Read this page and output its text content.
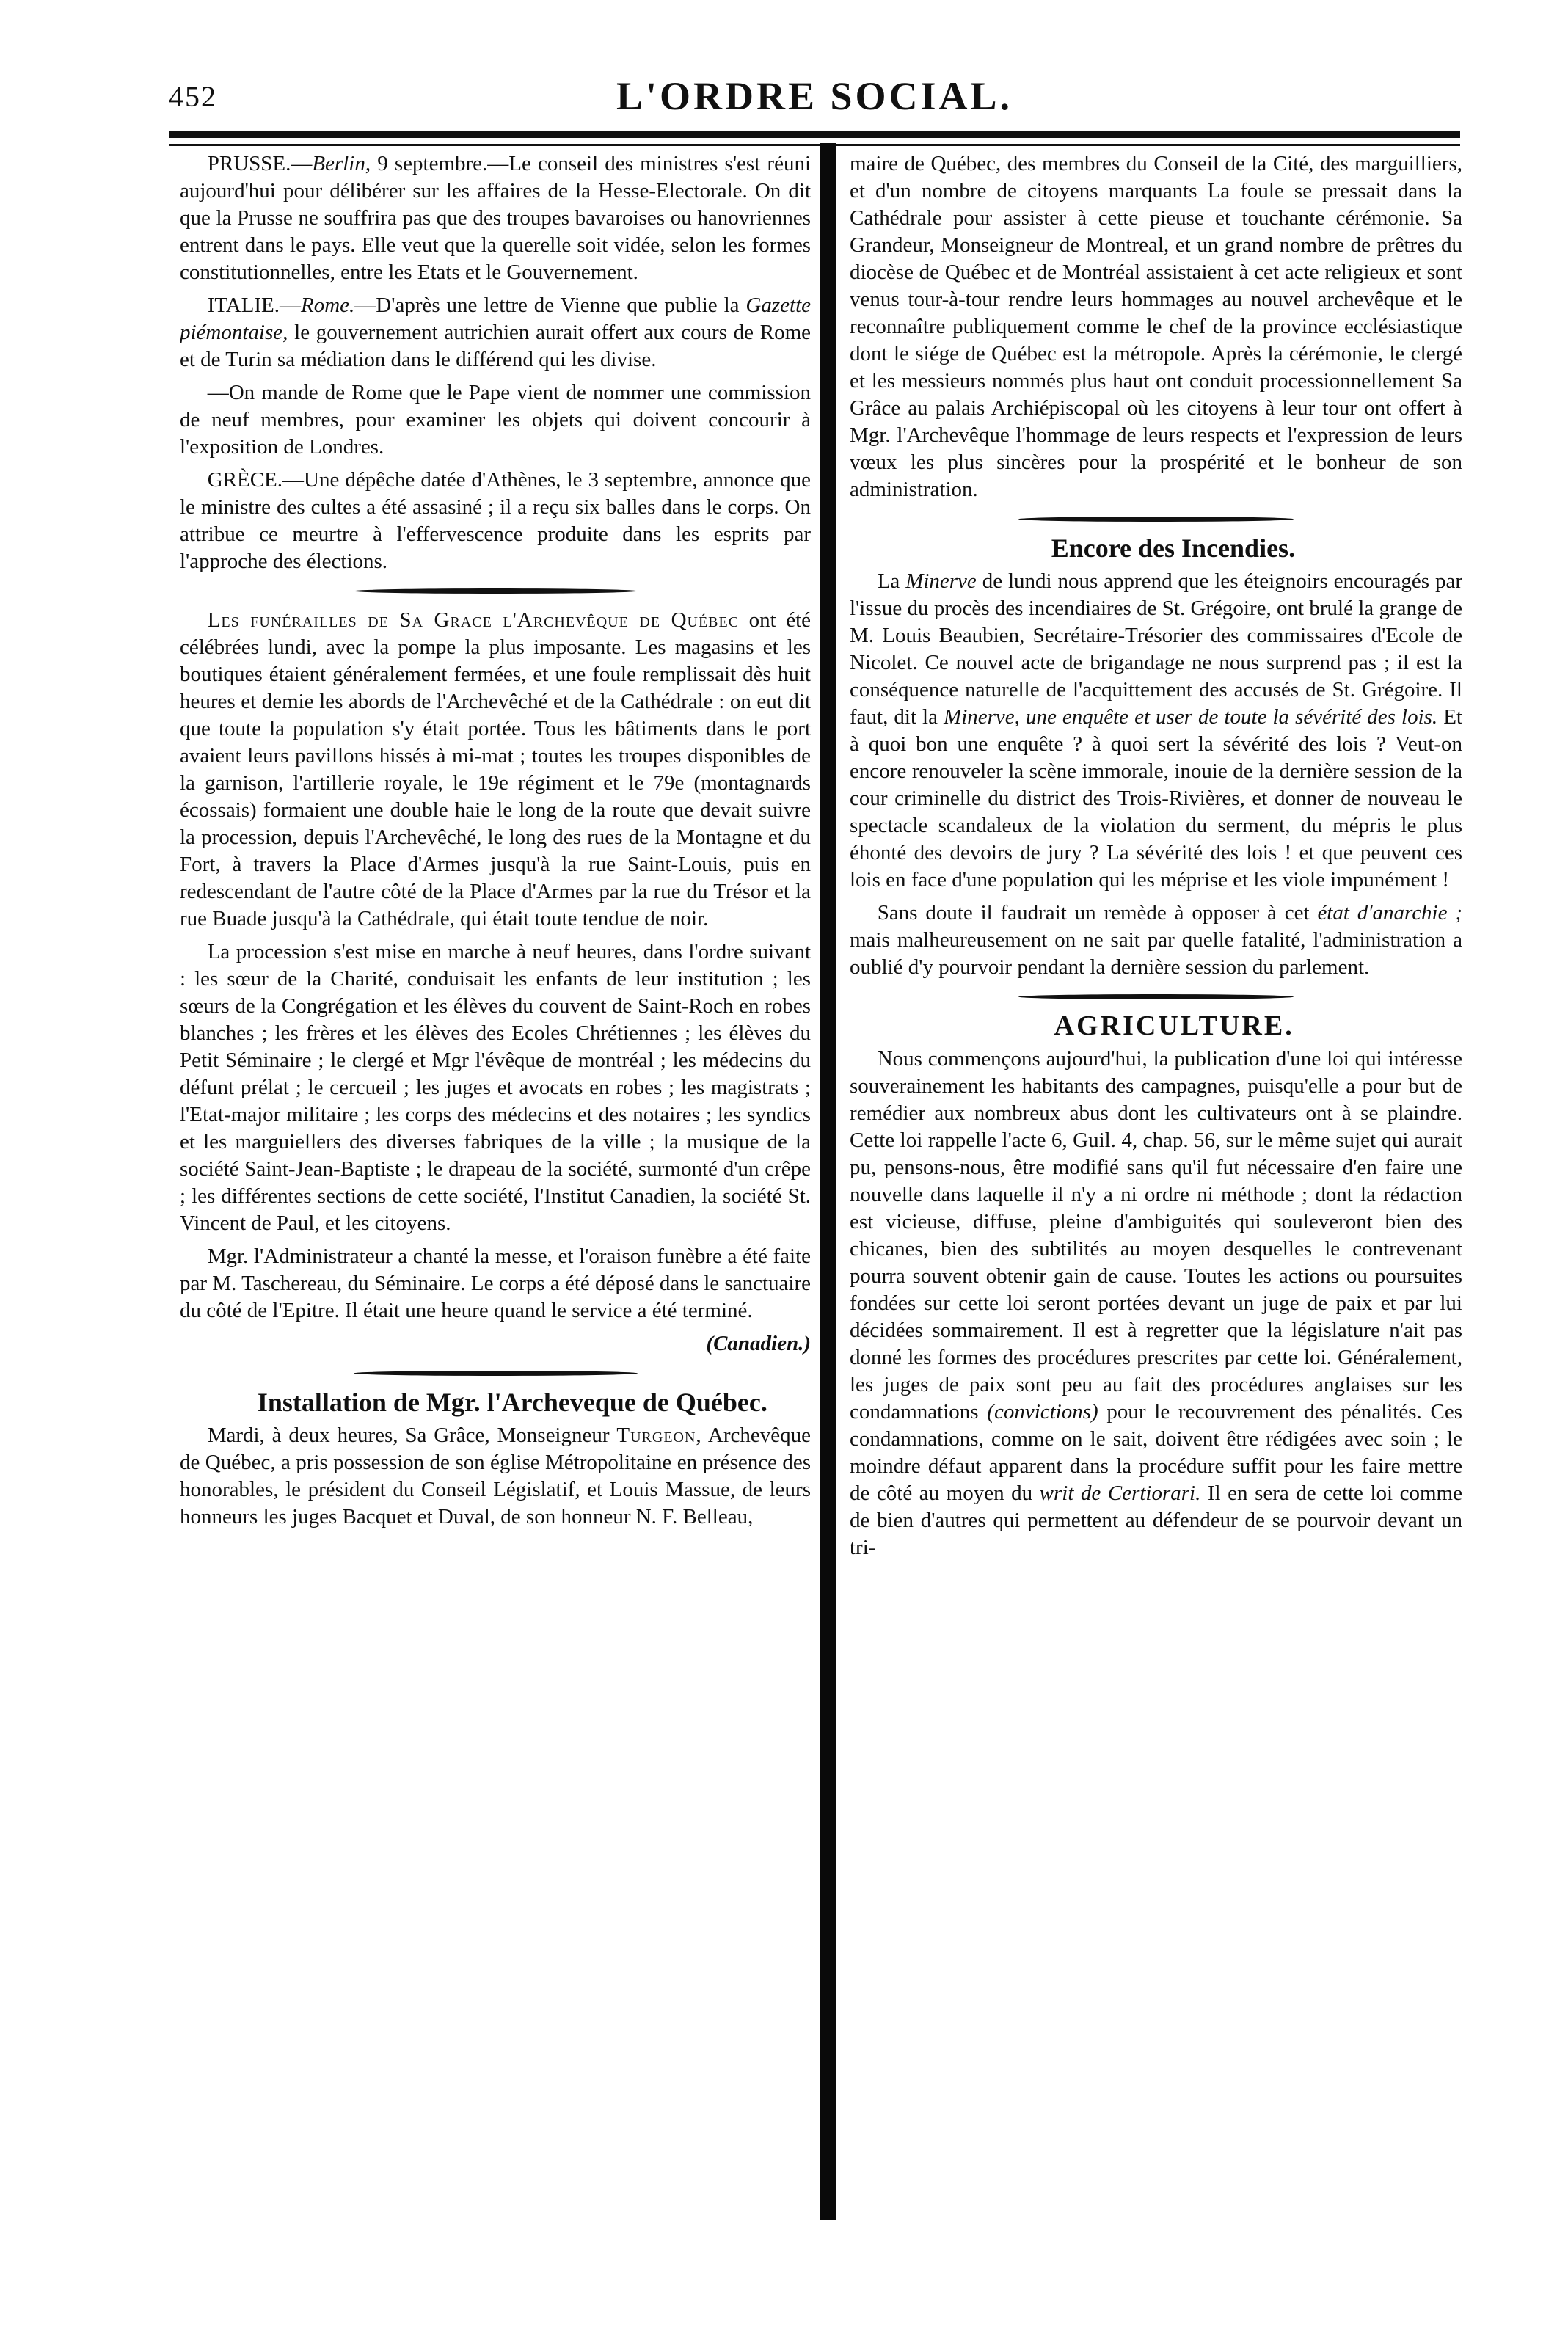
452	L'ORDRE SOCIAL.

PRUSSE.—Berlin, 9 septembre.—Le conseil des ministres s'est réuni aujourd'hui pour délibérer sur les affaires de la Hesse-Electorale. On dit que la Prusse ne souffrira pas que des troupes bavaroises ou hanovriennes entrent dans le pays. Elle veut que la querelle soit vidée, selon les formes constitutionnelles, entre les Etats et le Gouvernement.

ITALIE.—Rome.—D'après une lettre de Vienne que publie la Gazette piémontaise, le gouvernement autrichien aurait offert aux cours de Rome et de Turin sa médiation dans le différend qui les divise.

—On mande de Rome que le Pape vient de nommer une commission de neuf membres, pour examiner les objets qui doivent concourir à l'exposition de Londres.

GRÈCE.—Une dépêche datée d'Athènes, le 3 septembre, annonce que le ministre des cultes a été assasiné ; il a reçu six balles dans le corps. On attribue ce meurtre à l'effervescence produite dans les esprits par l'approche des élections.

Les funérailles de Sa Grace l'Archevêque de Québec ont été célébrées lundi, avec la pompe la plus imposante. Les magasins et les boutiques étaient généralement fermées, et une foule remplissait dès huit heures et demie les abords de l'Archevêché et de la Cathédrale : on eut dit que toute la population s'y était portée. Tous les bâtiments dans le port avaient leurs pavillons hissés à mi-mat ; toutes les troupes disponibles de la garnison, l'artillerie royale, le 19e régiment et le 79e (montagnards écossais) formaient une double haie le long de la route que devait suivre la procession, depuis l'Archevêché, le long des rues de la Montagne et du Fort, à travers la Place d'Armes jusqu'à la rue Saint-Louis, puis en redescendant de l'autre côté de la Place d'Armes par la rue du Trésor et la rue Buade jusqu'à la Cathédrale, qui était toute tendue de noir.

La procession s'est mise en marche à neuf heures, dans l'ordre suivant : les sœur de la Charité, conduisait les enfants de leur institution ; les sœurs de la Congrégation et les élèves du couvent de Saint-Roch en robes blanches ; les frères et les élèves des Ecoles Chrétiennes ; les élèves du Petit Séminaire ; le clergé et Mgr l'évêque de montréal ; les médecins du défunt prélat ; le cercueil ; les juges et avocats en robes ; les magistrats ; l'Etat-major militaire ; les corps des médecins et des notaires ; les syndics et les marguiellers des diverses fabriques de la ville ; la musique de la société Saint-Jean-Baptiste ; le drapeau de la société, surmonté d'un crêpe ; les différentes sections de cette société, l'Institut Canadien, la société St. Vincent de Paul, et les citoyens.

Mgr. l'Administrateur a chanté la messe, et l'oraison funèbre a été faite par M. Taschereau, du Séminaire. Le corps a été déposé dans le sanctuaire du côté de l'Epitre. Il était une heure quand le service a été terminé.

(Canadien.)

Installation de Mgr. l'Archeveque de Québec.

Mardi, à deux heures, Sa Grâce, Monseigneur Turgeon, Archevêque de Québec, a pris possession de son église Métropolitaine en présence des honorables, le président du Conseil Législatif, et Louis Massue, de leurs honneurs les juges Bacquet et Duval, de son honneur N. F. Belleau,

maire de Québec, des membres du Conseil de la Cité, des marguilliers, et d'un nombre de citoyens marquants La foule se pressait dans la Cathédrale pour assister à cette pieuse et touchante cérémonie. Sa Grandeur, Monseigneur de Montreal, et un grand nombre de prêtres du diocèse de Québec et de Montréal assistaient à cet acte religieux et sont venus tour-à-tour rendre leurs hommages au nouvel archevêque et le reconnaître publiquement comme le chef de la province ecclésiastique dont le siége de Québec est la métropole. Après la cérémonie, le clergé et les messieurs nommés plus haut ont conduit processionnellement Sa Grâce au palais Archiépiscopal où les citoyens à leur tour ont offert à Mgr. l'Archevêque l'hommage de leurs respects et l'expression de leurs vœux les plus sincères pour la prospérité et le bonheur de son administration.

Encore des Incendies.

La Minerve de lundi nous apprend que les éteignoirs encouragés par l'issue du procès des incendiaires de St. Grégoire, ont brulé la grange de M. Louis Beaubien, Secrétaire-Trésorier des commissaires d'Ecole de Nicolet. Ce nouvel acte de brigandage ne nous surprend pas ; il est la conséquence naturelle de l'acquittement des accusés de St. Grégoire. Il faut, dit la Minerve, une enquête et user de toute la sévérité des lois. Et à quoi bon une enquête ? à quoi sert la sévérité des lois ? Veut-on encore renouveler la scène immorale, inouie de la dernière session de la cour criminelle du district des Trois-Rivières, et donner de nouveau le spectacle scandaleux de la violation du serment, du mépris le plus éhonté des devoirs de jury ? La sévérité des lois ! et que peuvent ces lois en face d'une population qui les méprise et les viole impunément !

Sans doute il faudrait un remède à opposer à cet état d'anarchie ; mais malheureusement on ne sait par quelle fatalité, l'administration a oublié d'y pourvoir pendant la dernière session du parlement.

AGRICULTURE.

Nous commençons aujourd'hui, la publication d'une loi qui intéresse souverainement les habitants des campagnes, puisqu'elle a pour but de remédier aux nombreux abus dont les cultivateurs ont à se plaindre. Cette loi rappelle l'acte 6, Guil. 4, chap. 56, sur le même sujet qui aurait pu, pensons-nous, être modifié sans qu'il fut nécessaire d'en faire une nouvelle dans laquelle il n'y a ni ordre ni méthode ; dont la rédaction est vicieuse, diffuse, pleine d'ambiguités qui souleveront bien des chicanes, bien des subtilités au moyen desquelles le contrevenant pourra souvent obtenir gain de cause. Toutes les actions ou poursuites fondées sur cette loi seront portées devant un juge de paix et par lui décidées sommairement. Il est à regretter que la législature n'ait pas donné les formes des procédures prescrites par cette loi. Généralement, les juges de paix sont peu au fait des procédures anglaises sur les condamnations (convictions) pour le recouvrement des pénalités. Ces condamnations, comme on le sait, doivent être rédigées avec soin ; le moindre défaut apparent dans la procédure suffit pour les faire mettre de côté au moyen du writ de Certiorari. Il en sera de cette loi comme de bien d'autres qui permettent au défendeur de se pourvoir devant un tri-
